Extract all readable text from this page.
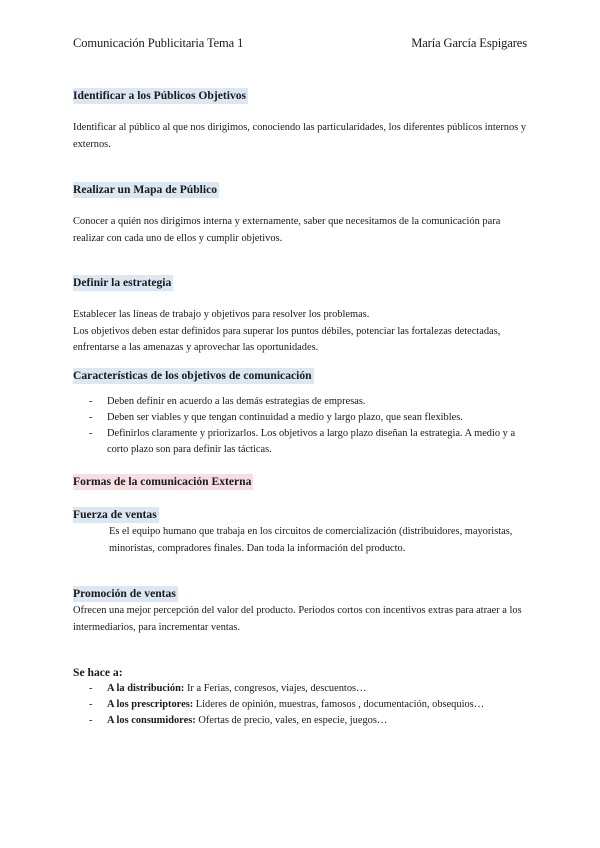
Comunicación Publicitaria Tema 1	María García Espigares
Identificar a los Públicos Objetivos

Identificar al público al que nos dirigimos, conociendo las particularidades, los diferentes públicos internos y externos.

Realizar un Mapa de Público

Conocer a quién nos dirigimos interna y externamente, saber que necesitamos de la comunicación para realizar con cada uno de ellos y cumplir objetivos.

Definir la estrategia

Establecer las líneas de trabajo y objetivos para resolver los problemas.

Los objetivos deben estar definidos para superar los puntos débiles, potenciar las fortalezas detectadas, enfrentarse a las amenazas y aprovechar las oportunidades.

Características de los objetivos de comunicación
- Deben definir en acuerdo a las demás estrategias de empresas.
- Deben ser viables y que tengan continuidad a medio y largo plazo, que sean flexibles.
- Definirlos claramente y priorizarlos. Los objetivos a largo plazo diseñan la estrategia. A medio y a corto plazo son para definir las tácticas.
Formas de la comunicación Externa
Fuerza de ventas

Es el equipo humano que trabaja en los circuitos de comercialización (distribuidores, mayoristas, minoristas, compradores finales. Dan toda la información del producto.

Promoción de ventas

Ofrecen una mejor percepción del valor del producto. Periodos cortos con incentivos extras para atraer a los intermediarios, para incrementar ventas.

Se hace a:
- A la distribución: Ir a Ferias, congresos, viajes, descuentos…
- A los prescriptores: Lideres de opinión, muestras, famosos , documentación, obsequios…
- A los consumidores: Ofertas de precio, vales, en especie, juegos…
